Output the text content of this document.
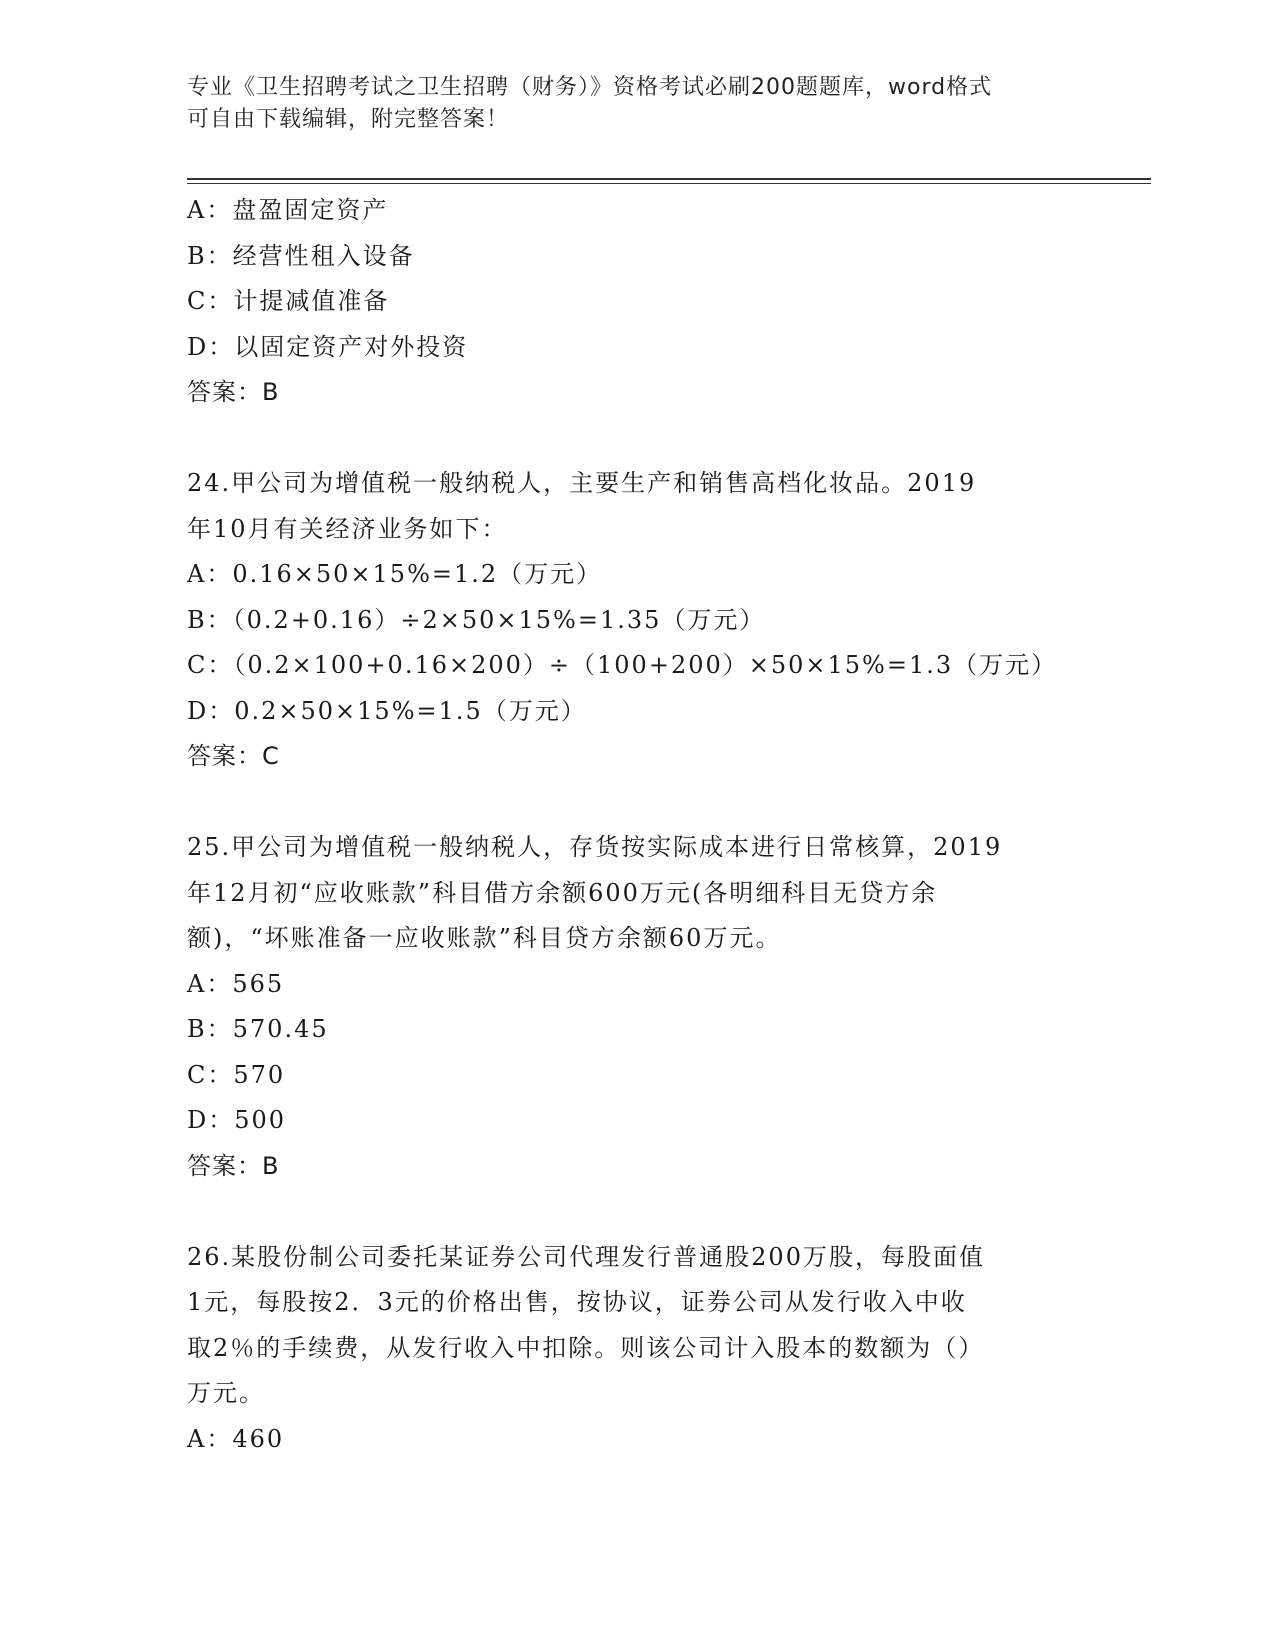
专业《卫生招聘考试之卫生招聘（财务）》资格考试必刷200题题库，word格式
可自由下载编辑，附完整答案！
A：盘盈固定资产
B：经营性租入设备
C：计提减值准备
D：以固定资产对外投资
答案：B
24.甲公司为增值税一般纳税人，主要生产和销售高档化妆品。2019
年10月有关经济业务如下：
A：0.16×50×15%=1.2（万元）
B：（0.2+0.16）÷2×50×15%=1.35（万元）
C：（0.2×100+0.16×200）÷（100+200）×50×15%=1.3（万元）
D：0.2×50×15%=1.5（万元）
答案：C
25.甲公司为增值税一般纳税人，存货按实际成本进行日常核算，2019
年12月初“应收账款”科目借方余额600万元(各明细科目无贷方余
额)，“坏账准备一应收账款”科目贷方余额60万元。
A：565
B：570.45
C：570
D：500
答案：B
26.某股份制公司委托某证券公司代理发行普通股200万股，每股面值
1元，每股按2．3元的价格出售，按协议，证券公司从发行收入中收
取2％的手续费，从发行收入中扣除。则该公司计入股本的数额为（）
万元。
A：460
